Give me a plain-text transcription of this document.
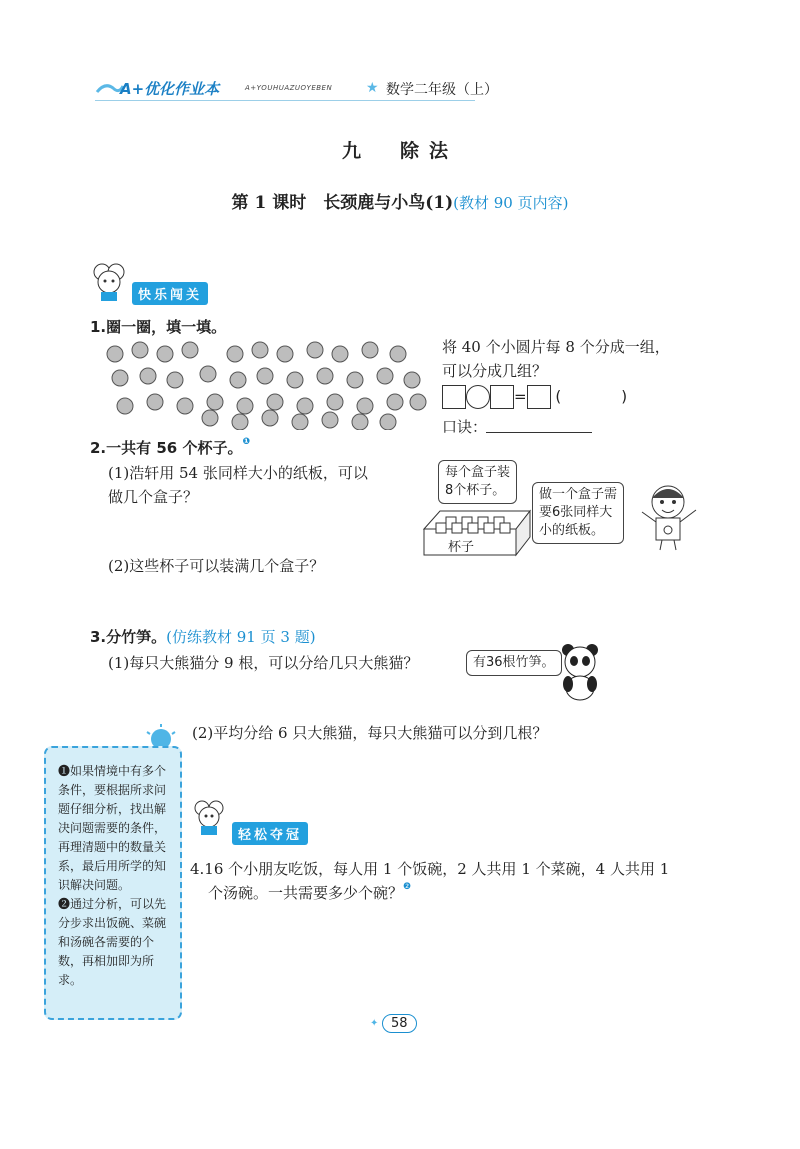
A+优化作业本	A+YOUHUAZUOYEBEN ★ 数学二年级（上）
九　除法
第 1 课时　长颈鹿与小鸟(1)(教材 90 页内容)
快乐闯关
1.圈一圈，填一填。
将 40 个小圆片每 8 个分成一组，
可以分成几组？
= (　　　　)
口诀：
2.一共有 56 个杯子。$^❶$
(1)浩轩用 54 张同样大小的纸板，可以
做几个盒子？
(2)这些杯子可以装满几个盒子？
每个盒子装
8个杯子。
杯子
做一个盒子需
要6张同样大
小的纸板。
3.分竹笋。(仿练教材 91 页 3 题)
(1)每只大熊猫分 9 根，可以分给几只大熊猫？	有36根竹笋。
(2)平均分给 6 只大熊猫，每只大熊猫可以分到几根？
❶如果情境中有多个条件，要根据所求问题仔细分析，找出解决问题需要的条件，再理清题中的数量关系，最后用所学的知识解决问题。
❷通过分析，可以先分步求出饭碗、菜碗和汤碗各需要的个数，再相加即为所求。
轻松夺冠
4.16 个小朋友吃饭，每人用 1 个饭碗，2 人共用 1 个菜碗，4 人共用 1
个汤碗。一共需要多少个碗？$^❷$
✦ 58
